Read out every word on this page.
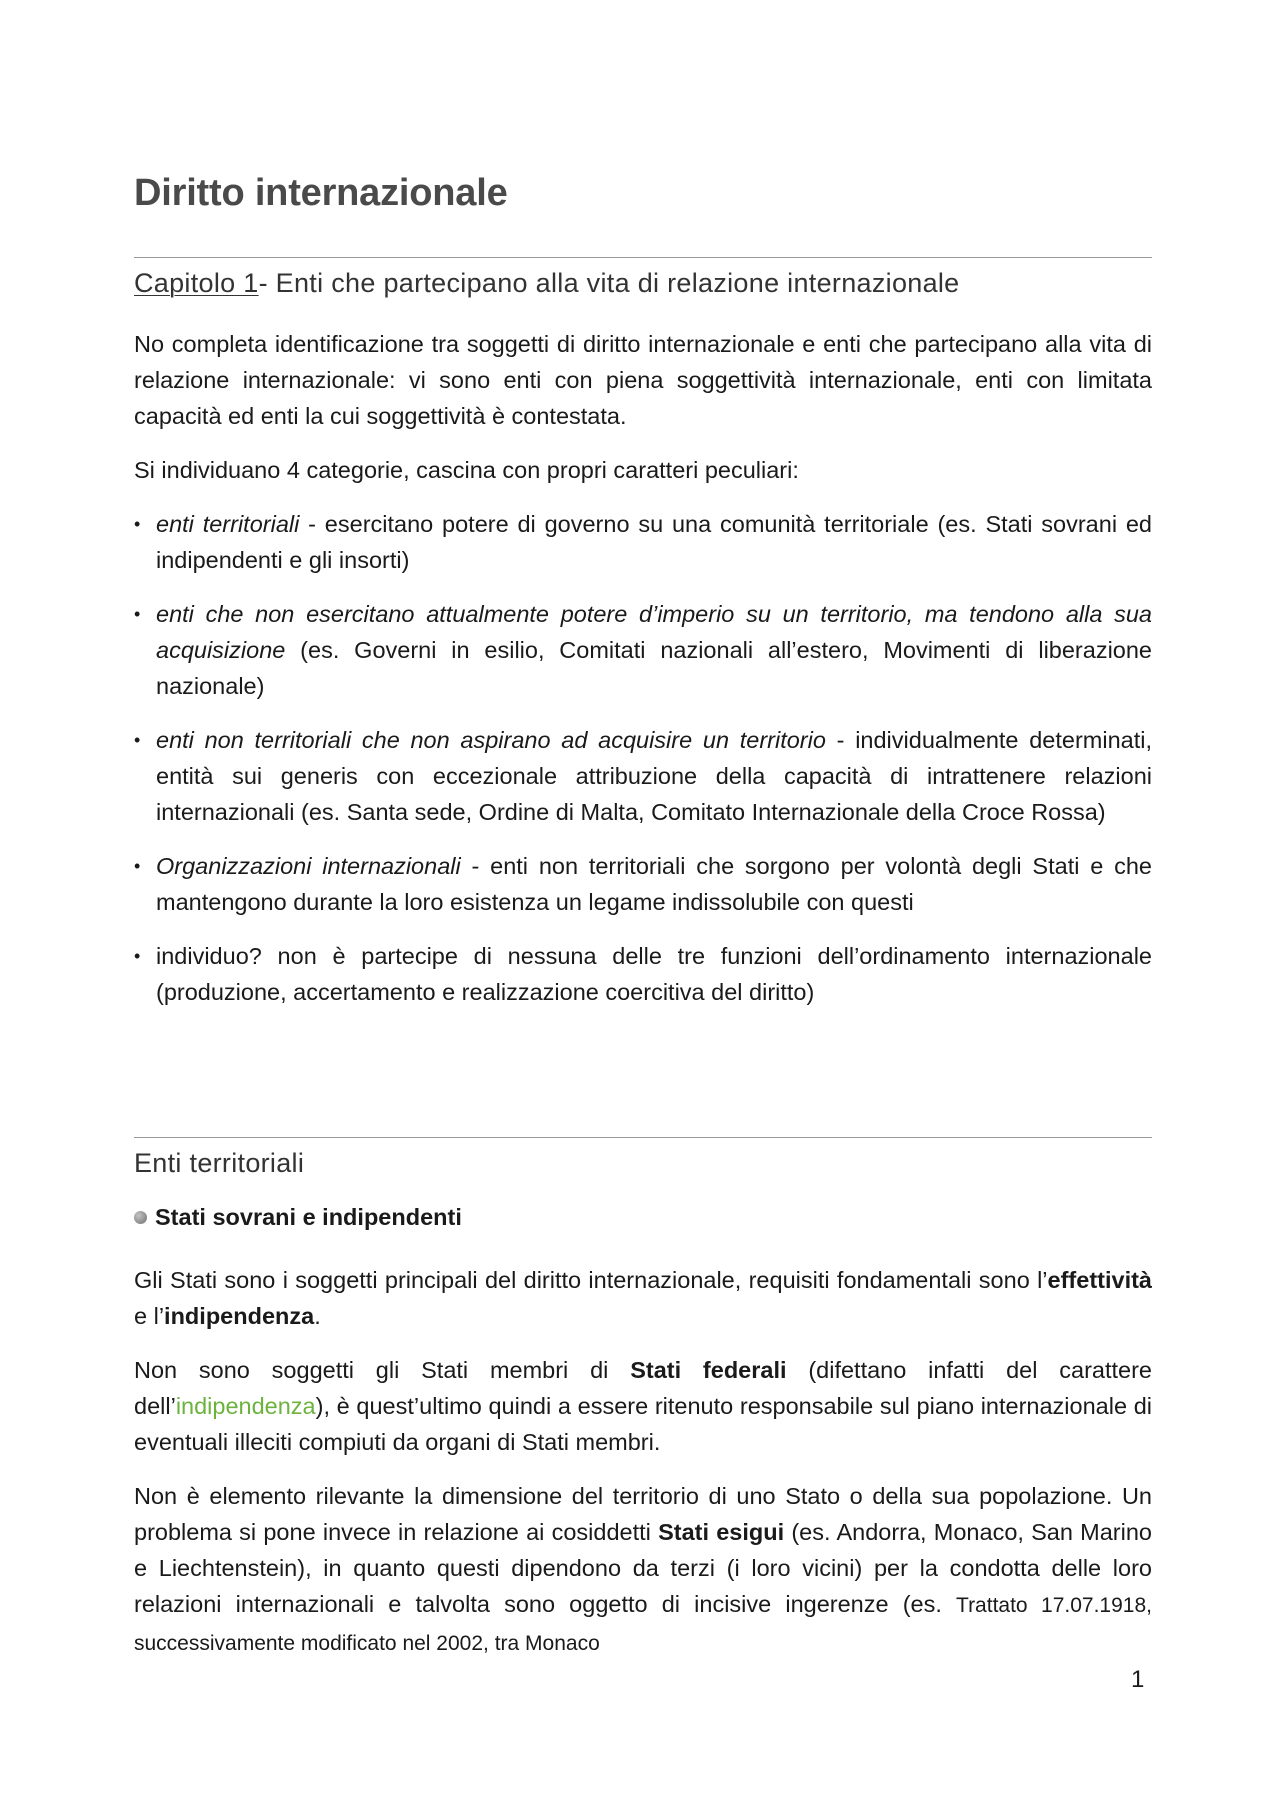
Diritto internazionale
Capitolo 1- Enti che partecipano alla vita di relazione internazionale

No completa identificazione tra soggetti di diritto internazionale e enti che partecipano alla vita di relazione internazionale: vi sono enti con piena soggettività internazionale, enti con limitata capacità ed enti la cui soggettività è contestata.

Si individuano 4 categorie, cascina con propri caratteri peculiari:

• enti territoriali - esercitano potere di governo su una comunità territoriale (es. Stati sovrani ed indipendenti e gli insorti)
• enti che non esercitano attualmente potere d’imperio su un territorio, ma tendono alla sua acquisizione (es. Governi in esilio, Comitati nazionali all’estero, Movimenti di liberazione nazionale)
• enti non territoriali che non aspirano ad acquisire un territorio - individualmente determinati, entità sui generis con eccezionale attribuzione della capacità di intrattenere relazioni internazionali (es. Santa sede, Ordine di Malta, Comitato Internazionale della Croce Rossa)
• Organizzazioni internazionali - enti non territoriali che sorgono per volontà degli Stati e che mantengono durante la loro esistenza un legame indissolubile con questi
• individuo? non è partecipe di nessuna delle tre funzioni dell’ordinamento internazionale (produzione, accertamento e realizzazione coercitiva del diritto)
Enti territoriali
Stati sovrani e indipendenti

Gli Stati sono i soggetti principali del diritto internazionale, requisiti fondamentali sono l’effettività e l’indipendenza.

Non sono soggetti gli Stati membri di Stati federali (difettano infatti del carattere dell’indipendenza), è quest’ultimo quindi a essere ritenuto responsabile sul piano internazionale di eventuali illeciti compiuti da organi di Stati membri.

Non è elemento rilevante la dimensione del territorio di uno Stato o della sua popolazione. Un problema si pone invece in relazione ai cosiddetti Stati esigui (es. Andorra, Monaco, San Marino e Liechtenstein), in quanto questi dipendono da terzi (i loro vicini) per la condotta delle loro relazioni internazionali e talvolta sono oggetto di incisive ingerenze (es. Trattato 17.07.1918, successivamente modificato nel 2002, tra Monaco

1
